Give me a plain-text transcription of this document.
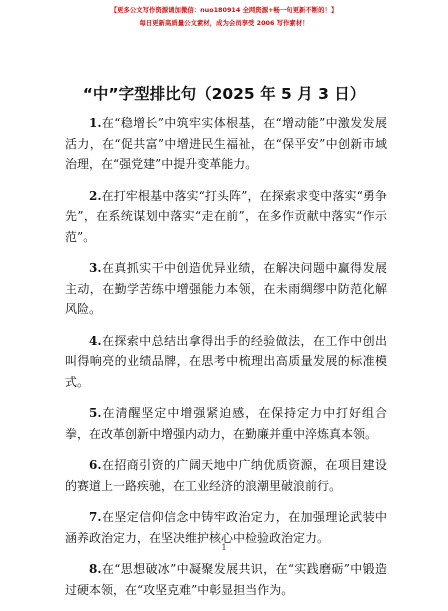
【更多公文写作资源请加微信：nuo180914 全网资源+畅一句更新不断的！】
每日更新高质量公文素材，成为会员享受 2006 写作素材！
“中”字型排比句（2025 年 5 月 3 日）

1.在“稳增长”中筑牢实体根基，在“增动能”中激发发展活力，在“促共富”中增进民生福祉，在“保平安”中创新市域治理，在“强党建”中提升变革能力。

2.在打牢根基中落实“打头阵”，在探索求变中落实“勇争先”，在系统谋划中落实“走在前”，在多作贡献中落实“作示范”。

3.在真抓实干中创造优异业绩，在解决问题中赢得发展主动，在勤学苦练中增强能力本领，在未雨绸缪中防范化解风险。

4.在探索中总结出拿得出手的经验做法，在工作中创出叫得响亮的业绩品牌，在思考中梳理出高质量发展的标准模式。

5.在清醒坚定中增强紧迫感，在保持定力中打好组合拳，在改革创新中增强内动力，在勤廉并重中淬炼真本领。

6.在招商引资的广阔天地中广纳优质资源，在项目建设的赛道上一路疾驰，在工业经济的浪潮里破浪前行。

7.在坚定信仰信念中铸牢政治定力，在加强理论武装中涵养政治定力，在坚决维护核心中检验政治定力。

8.在“思想破冰”中凝聚发展共识，在“实践磨砺”中锻造过硬本领，在“攻坚克难”中彰显担当作为。

1
